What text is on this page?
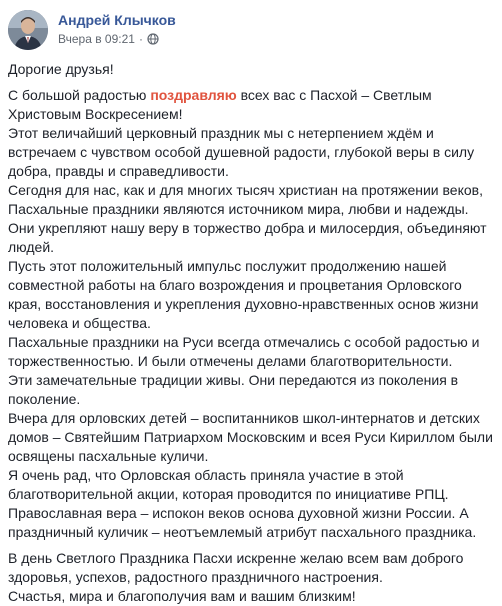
Андрей Клычков
Вчера в 09:21 ·

Дорогие друзья!

С большой радостью поздравляю всех вас с Пасхой – Светлым Христовым Воскресением!

Этот величайший церковный праздник мы с нетерпением ждём и встречаем с чувством особой душевной радости, глубокой веры в силу добра, правды и справедливости.

Сегодня для нас, как и для многих тысяч христиан на протяжении веков, Пасхальные праздники являются источником мира, любви и надежды. Они укрепляют нашу веру в торжество добра и милосердия, объединяют людей.

Пусть этот положительный импульс послужит продолжению нашей совместной работы на благо возрождения и процветания Орловского края, восстановления и укрепления духовно-нравственных основ жизни человека и общества.

Пасхальные праздники на Руси всегда отмечались с особой радостью и торжественностью. И были отмечены делами благотворительности.

Эти замечательные традиции живы. Они передаются из поколения в поколение.

Вчера для орловских детей – воспитанников школ-интернатов и детских домов – Святейшим Патриархом Московским и всея Руси Кириллом были освящены пасхальные куличи.

Я очень рад, что Орловская область приняла участие в этой благотворительной акции, которая проводится по инициативе РПЦ.

Православная вера – испокон веков основа духовной жизни России. А праздничный куличик – неотъемлемый атрибут пасхального праздника.

В день Светлого Праздника Пасхи искренне желаю всем вам доброго здоровья, успехов, радостного праздничного настроения.

Счастья, мира и благополучия вам и вашим близким!
